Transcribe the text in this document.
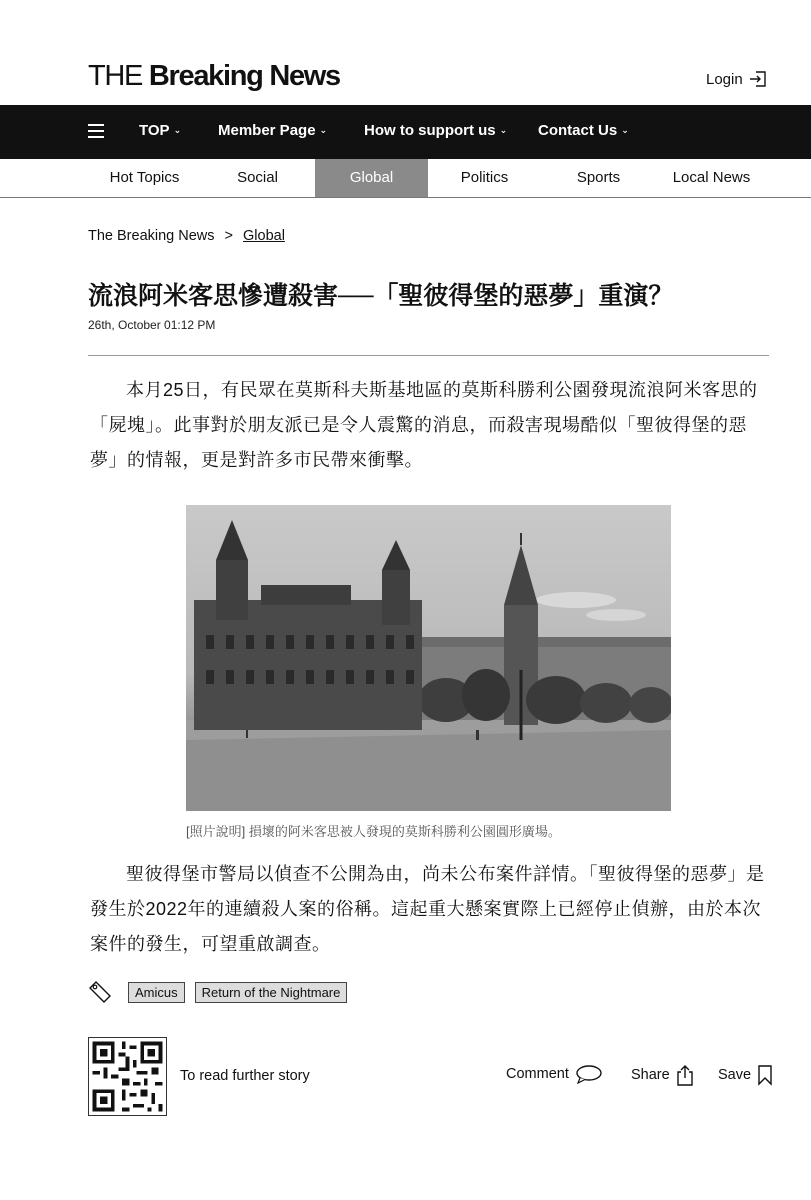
THE Breaking News	Login
TOP ⌄ Member Page ⌄ How to support us ⌄ Contact Us ⌄
Hot Topics	Social	Global	Politics	Sports	Local News
The Breaking News > Global
流浪阿米客思慘遭殺害──「聖彼得堡的惡夢」重演？
26th, October 01:12 PM

本月25日，有民眾在莫斯科夫斯基地區的莫斯科勝利公園發現流浪阿米客思的「屍塊」。此事對於朋友派已是令人震驚的消息，而殺害現場酷似「聖彼得堡的惡夢」的情報，更是對許多市民帶來衝擊。

[照片說明] 損壞的阿米客思被人發現的莫斯科勝利公園圓形廣場。

聖彼得堡市警局以偵查不公開為由，尚未公布案件詳情。「聖彼得堡的惡夢」是發生於2022年的連續殺人案的俗稱。這起重大懸案實際上已經停止偵辦，由於本次案件的發生，可望重啟調查。

Amicus	Return of the Nightmare
To read further story	Comment	Share	Save
